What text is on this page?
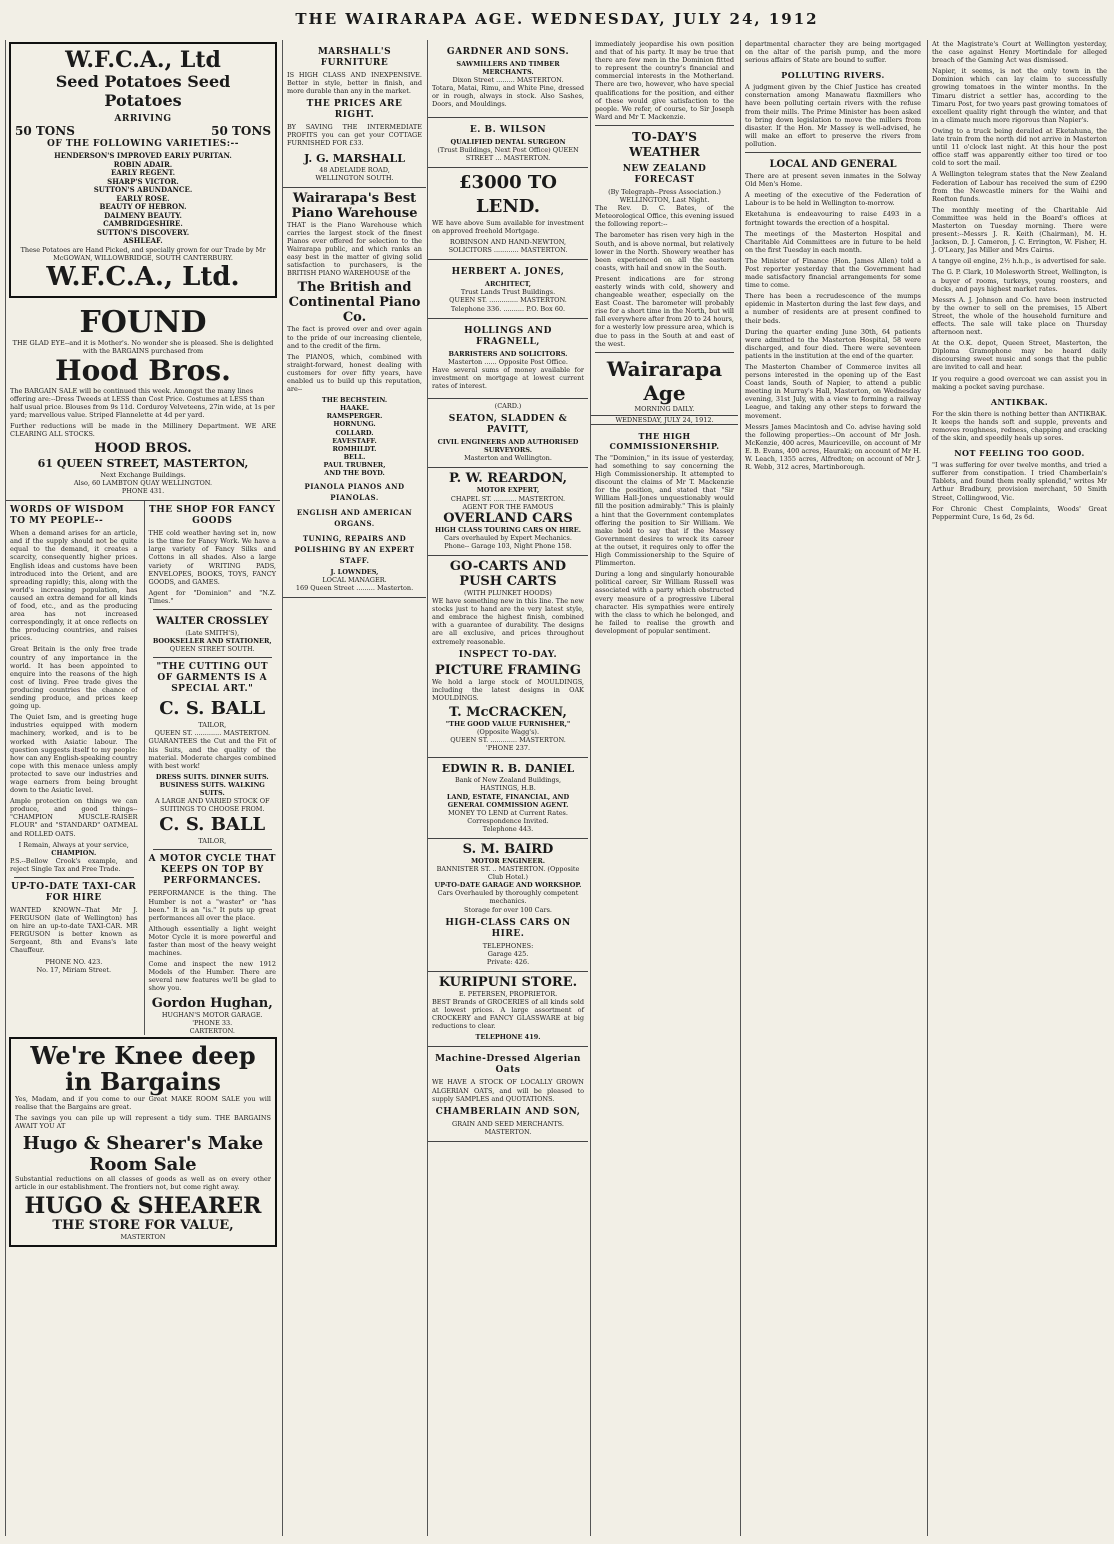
THE WAIRARAPA AGE. WEDNESDAY, JULY 24, 1912
W.F.C.A., Ltd
Seed Potatoes Seed Potatoes
ARRIVING
50 TONS	50 TONS
OF THE FOLLOWING VARIETIES:--
HENDERSON'S IMPROVED EARLY PURITAN.
ROBIN ADAIR.
EARLY REGENT.
SHARP'S VICTOR.
SUTTON'S ABUNDANCE.
EARLY ROSE.
BEAUTY OF HEBRON.
DALMENY BEAUTY.
CAMBRIDGESHIRE.
SUTTON'S DISCOVERY.
ASHLEAF.
These Potatoes are Hand Picked, and specially grown for our Trade by Mr McGOWAN, WILLOWBRIDGE, SOUTH CANTERBURY.
W.F.C.A., Ltd.
FOUND
THE GLAD EYE--and it is Mother's. No wonder she is pleased. She is delighted with the BARGAINS purchased from
Hood Bros.
The BARGAIN SALE will be continued this week. Amongst the many lines offering are:--Dress Tweeds at LESS than Cost Price. Costumes at LESS than half usual price. Blouses from 9s 11d. Corduroy Velveteens, 27in wide, at 1s per yard; marvellous value. Striped Flannelette at 4d per yard.
Further reductions will be made in the Millinery Department. WE ARE CLEARING ALL STOCKS.
HOOD BROS.
61 QUEEN STREET, MASTERTON,
Next Exchange Buildings.
Also, 60 LAMBTON QUAY WELLINGTON.
PHONE 431.
WORDS OF WISDOM TO MY PEOPLE--
When a demand arises for an article, and if the supply should not be quite equal to the demand, it creates a scarcity, consequently higher prices. English ideas and customs have been introduced into the Orient, and are spreading rapidly; this, along with the world's increasing population, has caused an extra demand for all kinds of food, etc., and as the producing area has not increased correspondingly, it at once reflects on the producing countries, and raises prices.
Great Britain is the only free trade country of any importance in the world. It has been appointed to enquire into the reasons of the high cost of living. Free trade gives the producing countries the chance of sending produce, and prices keep going up.
The Quiet Ism, and is greeting huge industries equipped with modern machinery, worked, and is to be worked with Asiatic labour. The question suggests itself to my people: how can any English-speaking country cope with this menace unless amply protected to save our industries and wage earners from being brought down to the Asiatic level.
Ample protection on things we can produce, and good things--"CHAMPION MUSCLE-RAISER FLOUR" and "STANDARD" OATMEAL and ROLLED OATS.
I Remain, Always at your service,
CHAMPION.
P.S.--Bellow Crook's example, and reject Single Tax and Free Trade.
UP-TO-DATE TAXI-CAR FOR HIRE
WANTED KNOWN--That Mr J. FERGUSON (late of Wellington) has on hire an up-to-date TAXI-CAR. MR FERGUSON is better known as Sergeant, 8th and Evans's late Chauffeur.
PHONE NO. 423.
No. 17, Miriam Street.
THE SHOP FOR FANCY GOODS
THE cold weather having set in, now is the time for Fancy Work. We have a large variety of Fancy Silks and Cottons in all shades. Also a large variety of WRITING PADS, ENVELOPES, BOOKS, TOYS, FANCY GOODS, and GAMES.
Agent for "Dominion" and "N.Z. Times."
WALTER CROSSLEY
(Late SMITH'S),
BOOKSELLER AND STATIONER,
QUEEN STREET SOUTH.
"THE CUTTING OUT OF GARMENTS IS A SPECIAL ART."
C. S. BALL
TAILOR,
QUEEN ST. ............. MASTERTON.
GUARANTEES the Cut and the Fit of his Suits, and the quality of the material. Moderate charges combined with best work!
DRESS SUITS. DINNER SUITS. BUSINESS SUITS. WALKING SUITS.
A LARGE AND VARIED STOCK OF SUITINGS TO CHOOSE FROM.
C. S. BALL
TAILOR,
A MOTOR CYCLE THAT KEEPS ON TOP BY PERFORMANCES.
PERFORMANCE is the thing. The Humber is not a "waster" or "has been." It is an "is." It puts up great performances all over the place.
Although essentially a light weight Motor Cycle it is more powerful and faster than most of the heavy weight machines.
Come and inspect the new 1912 Models of the Humber. There are several new features we'll be glad to show you.
Gordon Hughan,
HUGHAN'S MOTOR GARAGE.
'PHONE 33.
CARTERTON.
We're Knee deep in Bargains
Yes, Madam, and if you come to our Great MAKE ROOM SALE you will realise that the Bargains are great.
The savings you can pile up will represent a tidy sum. THE BARGAINS AWAIT YOU AT
Hugo & Shearer's Make Room Sale
Substantial reductions on all classes of goods as well as on every other article in our establishment. The frontiers not, but come right away.
HUGO & SHEARER
THE STORE FOR VALUE,
MASTERTON
MARSHALL'S FURNITURE
IS HIGH CLASS AND INEXPENSIVE. Better in style, better in finish, and more durable than any in the market.
THE PRICES ARE RIGHT.
BY SAVING THE INTERMEDIATE PROFITS you can get your COTTAGE FURNISHED FOR £33.
J. G. MARSHALL
48 ADELAIDE ROAD,
WELLINGTON SOUTH.
Wairarapa's Best
Piano Warehouse
THAT is the Piano Warehouse which carries the largest stock of the finest Pianos ever offered for selection to the Wairarapa public, and which ranks an easy best in the matter of giving solid satisfaction to purchasers, is the BRITISH PIANO WAREHOUSE of the
The British and Continental Piano Co.
The fact is proved over and over again to the pride of our increasing clientele, and to the credit of the firm.
The PIANOS, which, combined with straight-forward, honest dealing with customers for over fifty years, have enabled us to build up this reputation, are--
THE BECHSTEIN.
HAAKE.
RAMSPERGER.
HORNUNG.
COLLARD.
EAVESTAFF.
ROMHILDT.
BELL.
PAUL TRUBNER,
AND THE BOYD.
PIANOLA PIANOS AND PIANOLAS.
ENGLISH AND AMERICAN ORGANS.
TUNING, REPAIRS AND POLISHING BY AN EXPERT STAFF.
J. LOWNDES,
LOCAL MANAGER.
169 Queen Street ......... Masterton.
GARDNER AND SONS.
SAWMILLERS AND TIMBER MERCHANTS.
Dixon Street ......... MASTERTON.
Totara, Matai, Rimu, and White Pine, dressed or in rough, always in stock. Also Sashes, Doors, and Mouldings.
E. B. WILSON
QUALIFIED DENTAL SURGEON
(Trust Buildings, Next Post Office) QUEEN STREET ... MASTERTON.
£3000 TO LEND.
WE have above Sum available for investment on approved freehold Mortgage.
ROBINSON AND HAND-NEWTON, SOLICITORS ............ MASTERTON.
HERBERT A. JONES,
ARCHITECT,
Trust Lands Trust Buildings.
QUEEN ST. .............. MASTERTON.
Telephone 336. .......... P.O. Box 60.
HOLLINGS AND FRAGNELL,
BARRISTERS AND SOLICITORS.
Masterton ...... Opposite Post Office.
Have several sums of money available for investment on mortgage at lowest current rates of interest.
(CARD.)
SEATON, SLADDEN & PAVITT,
CIVIL ENGINEERS AND AUTHORISED SURVEYORS.
Masterton and Wellington.
P. W. REARDON,
MOTOR EXPERT,
CHAPEL ST. ........... MASTERTON.
AGENT FOR THE FAMOUS
OVERLAND CARS
HIGH CLASS TOURING CARS ON HIRE.
Cars overhauled by Expert Mechanics.
Phone-- Garage 103, Night Phone 158.
GO-CARTS AND PUSH CARTS
(WITH PLUNKET HOODS)
WE have something new in this line. The new stocks just to hand are the very latest style, and embrace the highest finish, combined with a guarantee of durability. The designs are all exclusive, and prices throughout extremely reasonable.
INSPECT TO-DAY.
PICTURE FRAMING
We hold a large stock of MOULDINGS, including the latest designs in OAK MOULDINGS.
T. McCRACKEN,
"THE GOOD VALUE FURNISHER,"
(Opposite Wagg's).
QUEEN ST. ............. MASTERTON.
'PHONE 237.
EDWIN R. B. DANIEL
Bank of New Zealand Buildings,
HASTINGS, H.B.
LAND, ESTATE, FINANCIAL, AND GENERAL COMMISSION AGENT.
MONEY TO LEND at Current Rates.
Correspondence Invited.
Telephone 443.
S. M. BAIRD
MOTOR ENGINEER.
BANNISTER ST. .. MASTERTON. (Opposite Club Hotel.)
UP-TO-DATE GARAGE AND WORKSHOP.
Cars Overhauled by thoroughly competent mechanics.
Storage for over 100 Cars.
HIGH-CLASS CARS ON HIRE.
TELEPHONES:
Garage 425.
Private: 426.
KURIPUNI STORE.
E. PETERSEN, PROPRIETOR.
BEST Brands of GROCERIES of all kinds sold at lowest prices. A large assortment of CROCKERY and FANCY GLASSWARE at big reductions to clear.
TELEPHONE 419.
Machine-Dressed Algerian Oats
WE HAVE A STOCK OF LOCALLY GROWN ALGERIAN OATS, and will be pleased to supply SAMPLES and QUOTATIONS.
CHAMBERLAIN AND SON,
GRAIN AND SEED MERCHANTS.
MASTERTON.
immediately jeopardise his own position and that of his party. It may be true that there are few men in the Dominion fitted to represent the country's financial and commercial interests in the Motherland. There are two, however, who have special qualifications for the position, and either of these would give satisfaction to the people. We refer, of course, to Sir Joseph Ward and Mr T. Mackenzie.
TO-DAY'S WEATHER
NEW ZEALAND FORECAST
(By Telegraph--Press Association.)
WELLINGTON, Last Night.
The Rev. D. C. Bates, of the Meteorological Office, this evening issued the following report:--
The barometer has risen very high in the South, and is above normal, but relatively lower in the North. Showery weather has been experienced on all the eastern coasts, with hail and snow in the South.
Present indications are for strong easterly winds with cold, showery and changeable weather, especially on the East Coast. The barometer will probably rise for a short time in the North, but will fall everywhere after from 20 to 24 hours, for a westerly low pressure area, which is due to pass in the South at and east of the west.
Wairarapa Age
MORNING DAILY.
WEDNESDAY, JULY 24, 1912.
THE HIGH COMMISSIONERSHIP.
The "Dominion," in its issue of yesterday, had something to say concerning the High Commissionership. It attempted to discount the claims of Mr T. Mackenzie for the position, and stated that "Sir William Hall-Jones unquestionably would fill the position admirably." This is plainly a hint that the Government contemplates offering the position to Sir William. We make bold to say that if the Massey Government desires to wreck its career at the outset, it requires only to offer the High Commissionership to the Squire of Plimmerton.
During a long and singularly honourable political career, Sir William Russell was associated with a party which obstructed every measure of a progressive Liberal character. His sympathies were entirely with the class to which he belonged, and he failed to realise the growth and development of popular sentiment.
departmental character they are being mortgaged on the altar of the parish pump, and the more serious affairs of State are bound to suffer.
POLLUTING RIVERS.
A judgment given by the Chief Justice has created consternation among Manawatu flaxmillers who have been polluting certain rivers with the refuse from their mills. The Prime Minister has been asked to bring down legislation to move the millers from disaster. If the Hon. Mr Massey is well-advised, he will make an effort to preserve the rivers from pollution.
LOCAL AND GENERAL
There are at present seven inmates in the Solway Old Men's Home.
A meeting of the executive of the Federation of Labour is to be held in Wellington to-morrow.
Eketahuna is endeavouring to raise £493 in a fortnight towards the erection of a hospital.
The meetings of the Masterton Hospital and Charitable Aid Committees are in future to be held on the first Tuesday in each month.
The Minister of Finance (Hon. James Allen) told a Post reporter yesterday that the Government had made satisfactory financial arrangements for some time to come.
There has been a recrudescence of the mumps epidemic in Masterton during the last few days, and a number of residents are at present confined to their beds.
During the quarter ending June 30th, 64 patients were admitted to the Masterton Hospital, 58 were discharged, and four died. There were seventeen patients in the institution at the end of the quarter.
The Masterton Chamber of Commerce invites all persons interested in the opening up of the East Coast lands, South of Napier, to attend a public meeting in Murray's Hall, Masterton, on Wednesday evening, 31st July, with a view to forming a railway League, and taking any other steps to forward the movement.
Messrs James Macintosh and Co. advise having sold the following properties:--On account of Mr Josh. McKenzie, 400 acres, Mauriceville, on account of Mr E. B. Evans, 400 acres, Hauraki; on account of Mr H. W. Leach, 1355 acres, Alfredton; on account of Mr J. R. Webb, 312 acres, Martinborough.
At the Magistrate's Court at Wellington yesterday, the case against Henry Mortindale for alleged breach of the Gaming Act was dismissed.
Napier, it seems, is not the only town in the Dominion which can lay claim to successfully growing tomatoes in the winter months. In the Timaru district a settler has, according to the Timaru Post, for two years past growing tomatoes of excellent quality right through the winter, and that in a climate much more rigorous than Napier's.
Owing to a truck being derailed at Eketahuna, the late train from the north did not arrive in Masterton until 11 o'clock last night. At this hour the post office staff was apparently either too tired or too cold to sort the mail.
A Wellington telegram states that the New Zealand Federation of Labour has received the sum of £290 from the Newcastle miners for the Waihi and Reefton funds.
The monthly meeting of the Charitable Aid Committee was held in the Board's offices at Masterton on Tuesday morning. There were present:--Messrs J. R. Keith (Chairman), M. H. Jackson, D. J. Cameron, J. C. Errington, W. Fisher, H. J. O'Leary, Jas Miller and Mrs Cairns.
A tangye oil engine, 2½ h.h.p., is advertised for sale.
The G. P. Clark, 10 Molesworth Street, Wellington, is a buyer of rooms, turkeys, young roosters, and ducks, and pays highest market rates.
Messrs A. J. Johnson and Co. have been instructed by the owner to sell on the premises, 15 Albert Street, the whole of the household furniture and effects. The sale will take place on Thursday afternoon next.
At the O.K. depot, Queen Street, Masterton, the Diploma Gramophone may be heard daily discoursing sweet music and songs that the public are invited to call and hear.
If you require a good overcoat we can assist you in making a pocket saving purchase.
ANTIKBAK.
For the skin there is nothing better than ANTIKBAK. It keeps the hands soft and supple, prevents and removes roughness, redness, chapping and cracking of the skin, and speedily heals up sores.
NOT FEELING TOO GOOD.
"I was suffering for over twelve months, and tried a sufferer from constipation. I tried Chamberlain's Tablets, and found them really splendid," writes Mr Arthur Bradbury, provision merchant, 50 Smith Street, Collingwood, Vic.
For Chronic Chest Complaints, Woods' Great Peppermint Cure, 1s 6d, 2s 6d.
